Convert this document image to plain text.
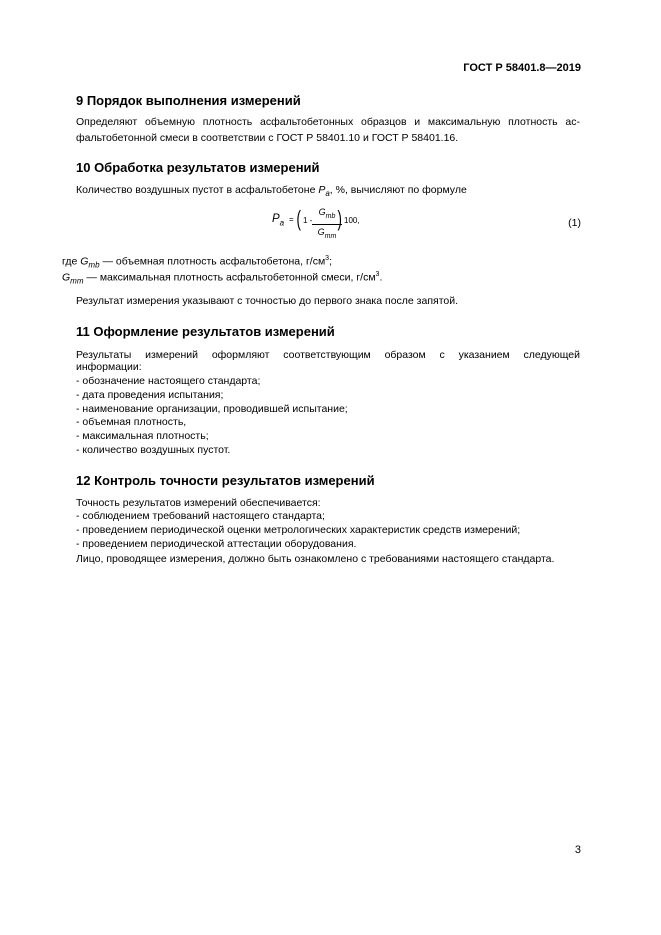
ГОСТ Р 58401.8—2019
9 Порядок выполнения измерений
Определяют объемную плотность асфальтобетонных образцов и максимальную плотность ас-
фальтобетонной смеси в соответствии с ГОСТ Р 58401.10 и ГОСТ Р 58401.16.
10 Обработка результатов измерений
Количество воздушных пустот в асфальтобетоне $P_a$, %, вычисляют по формуле
$P_a$ = ( 1 -
$G_{mb}$
$G_{mm}$
) 100,	(1)
где $G_{mb}$ — объемная плотность асфальтобетона, $г/см^3$;
$G_{mm}$ — максимальная плотность асфальтобетонной смеси, $г/см^3$.
Результат измерения указывают с точностью до первого знака после запятой.
11 Оформление результатов измерений
Результаты измерений оформляют соответствующим образом с указанием следующей
информации:
- обозначение настоящего стандарта;
- дата проведения испытания;
- наименование организации, проводившей испытание;
- объемная плотность,
- максимальная плотность;
- количество воздушных пустот.
12 Контроль точности результатов измерений
Точность результатов измерений обеспечивается:
- соблюдением требований настоящего стандарта;
- проведением периодической оценки метрологических характеристик средств измерений;
- проведением периодической аттестации оборудования.
Лицо, проводящее измерения, должно быть ознакомлено с требованиями настоящего стандарта.
3
